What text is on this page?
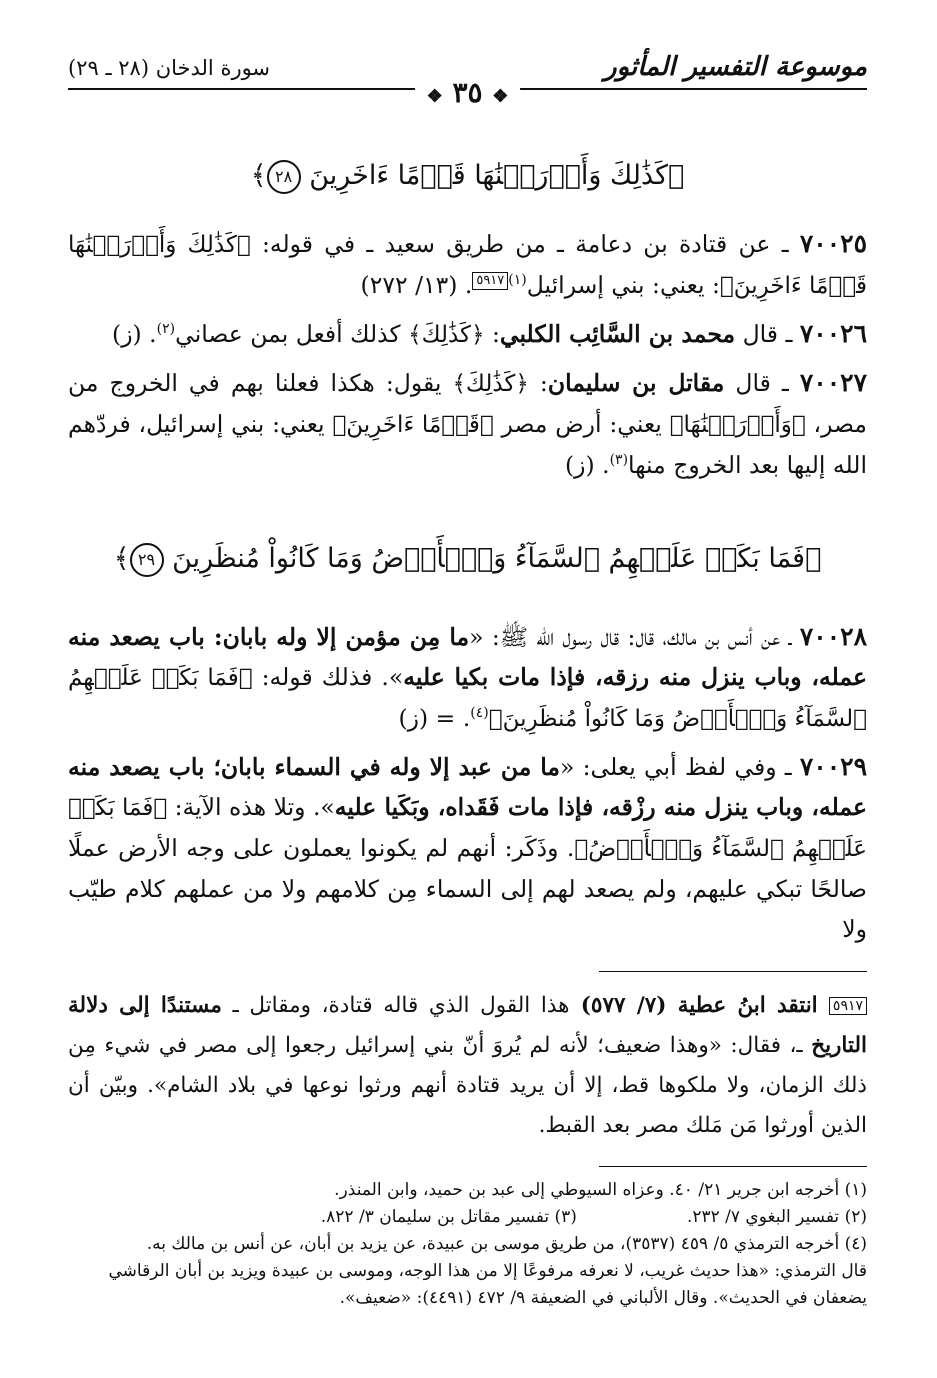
موسوعة التفسير المأثور
سورة الدخان (٢٨ ـ ٢٩)
❖ ٣٥ ❖
﴿كَذَٰلِكَ وَأَوۡرَثۡنَٰهَا قَوۡمًا ءَاخَرِينَ ٢٨﴾

٧٠٠٢٥ ـ عن قتادة بن دعامة ـ من طريق سعيد ـ في قوله: ﴿كَذَٰلِكَ وَأَوۡرَثۡنَٰهَا قَوۡمًا ءَاخَرِينَ﴾: يعني: بني إسرائيل$^{(١)}$٥٩١٧. (١٣/ ٢٧٢)

٧٠٠٢٦ ـ قال محمد بن السَّائِب الكلبي: ﴿كَذَٰلِكَ﴾ كذلك أفعل بمن عصاني$^{(٢)}$. (ز)

٧٠٠٢٧ ـ قال مقاتل بن سليمان: ﴿كَذَٰلِكَ﴾ يقول: هكذا فعلنا بهم في الخروج من مصر، ﴿وَأَوۡرَثۡنَٰهَا﴾ يعني: أرض مصر ﴿قَوۡمًا ءَاخَرِينَ﴾ يعني: بني إسرائيل، فردّهم الله إليها بعد الخروج منها$^{(٣)}$. (ز)

﴿فَمَا بَكَتۡ عَلَيۡهِمُ ٱلسَّمَآءُ وَٱلۡأَرۡضُ وَمَا كَانُواْ مُنظَرِينَ ٢٩﴾

٧٠٠٢٨ ـ عن أنس بن مالك، قال: قال رسول الله ﷺ: «ما مِن مؤمن إلا وله بابان: باب يصعد منه عمله، وباب ينزل منه رزقه، فإذا مات بكيا عليه». فذلك قوله: ﴿فَمَا بَكَتۡ عَلَيۡهِمُ ٱلسَّمَآءُ وَٱلۡأَرۡضُ وَمَا كَانُواْ مُنظَرِينَ﴾$^{(٤)}$. = (ز)

٧٠٠٢٩ ـ وفي لفظ أبي يعلى: «ما من عبد إلا وله في السماء بابان؛ باب يصعد منه عمله، وباب ينزل منه رزْقه، فإذا مات فَقَداه، وبَكَيا عليه». وتلا هذه الآية: ﴿فَمَا بَكَتۡ عَلَيۡهِمُ ٱلسَّمَآءُ وَٱلۡأَرۡضُ﴾. وذَكَر: أنهم لم يكونوا يعملون على وجه الأرض عملًا صالحًا تبكي عليهم، ولم يصعد لهم إلى السماء مِن كلامهم ولا من عملهم كلام طيّب ولا

٥٩١٧ انتقد ابنُ عطية (٧/ ٥٧٧) هذا القول الذي قاله قتادة، ومقاتل ـ مستندًا إلى دلالة التاريخ ـ، فقال: «وهذا ضعيف؛ لأنه لم يُروَ أنّ بني إسرائيل رجعوا إلى مصر في شيء مِن ذلك الزمان، ولا ملكوها قط، إلا أن يريد قتادة أنهم ورثوا نوعها في بلاد الشام». وبيّن أن الذين أورثوا مَن مَلك مصر بعد القبط.

(١) أخرجه ابن جرير ٢١/ ٤٠. وعزاه السيوطي إلى عبد بن حميد، وابن المنذر.
(٢) تفسير البغوي ٧/ ٢٣٢.
(٣) تفسير مقاتل بن سليمان ٣/ ٨٢٢.
(٤) أخرجه الترمذي ٥/ ٤٥٩ (٣٥٣٧)، من طريق موسى بن عبيدة، عن يزيد بن أبان، عن أنس بن مالك به.
قال الترمذي: «هذا حديث غريب، لا نعرفه مرفوعًا إلا من هذا الوجه، وموسى بن عبيدة ويزيد بن أبان الرقاشي يضعفان في الحديث». وقال الألباني في الضعيفة ٩/ ٤٧٢ (٤٤٩١): «ضعيف».
